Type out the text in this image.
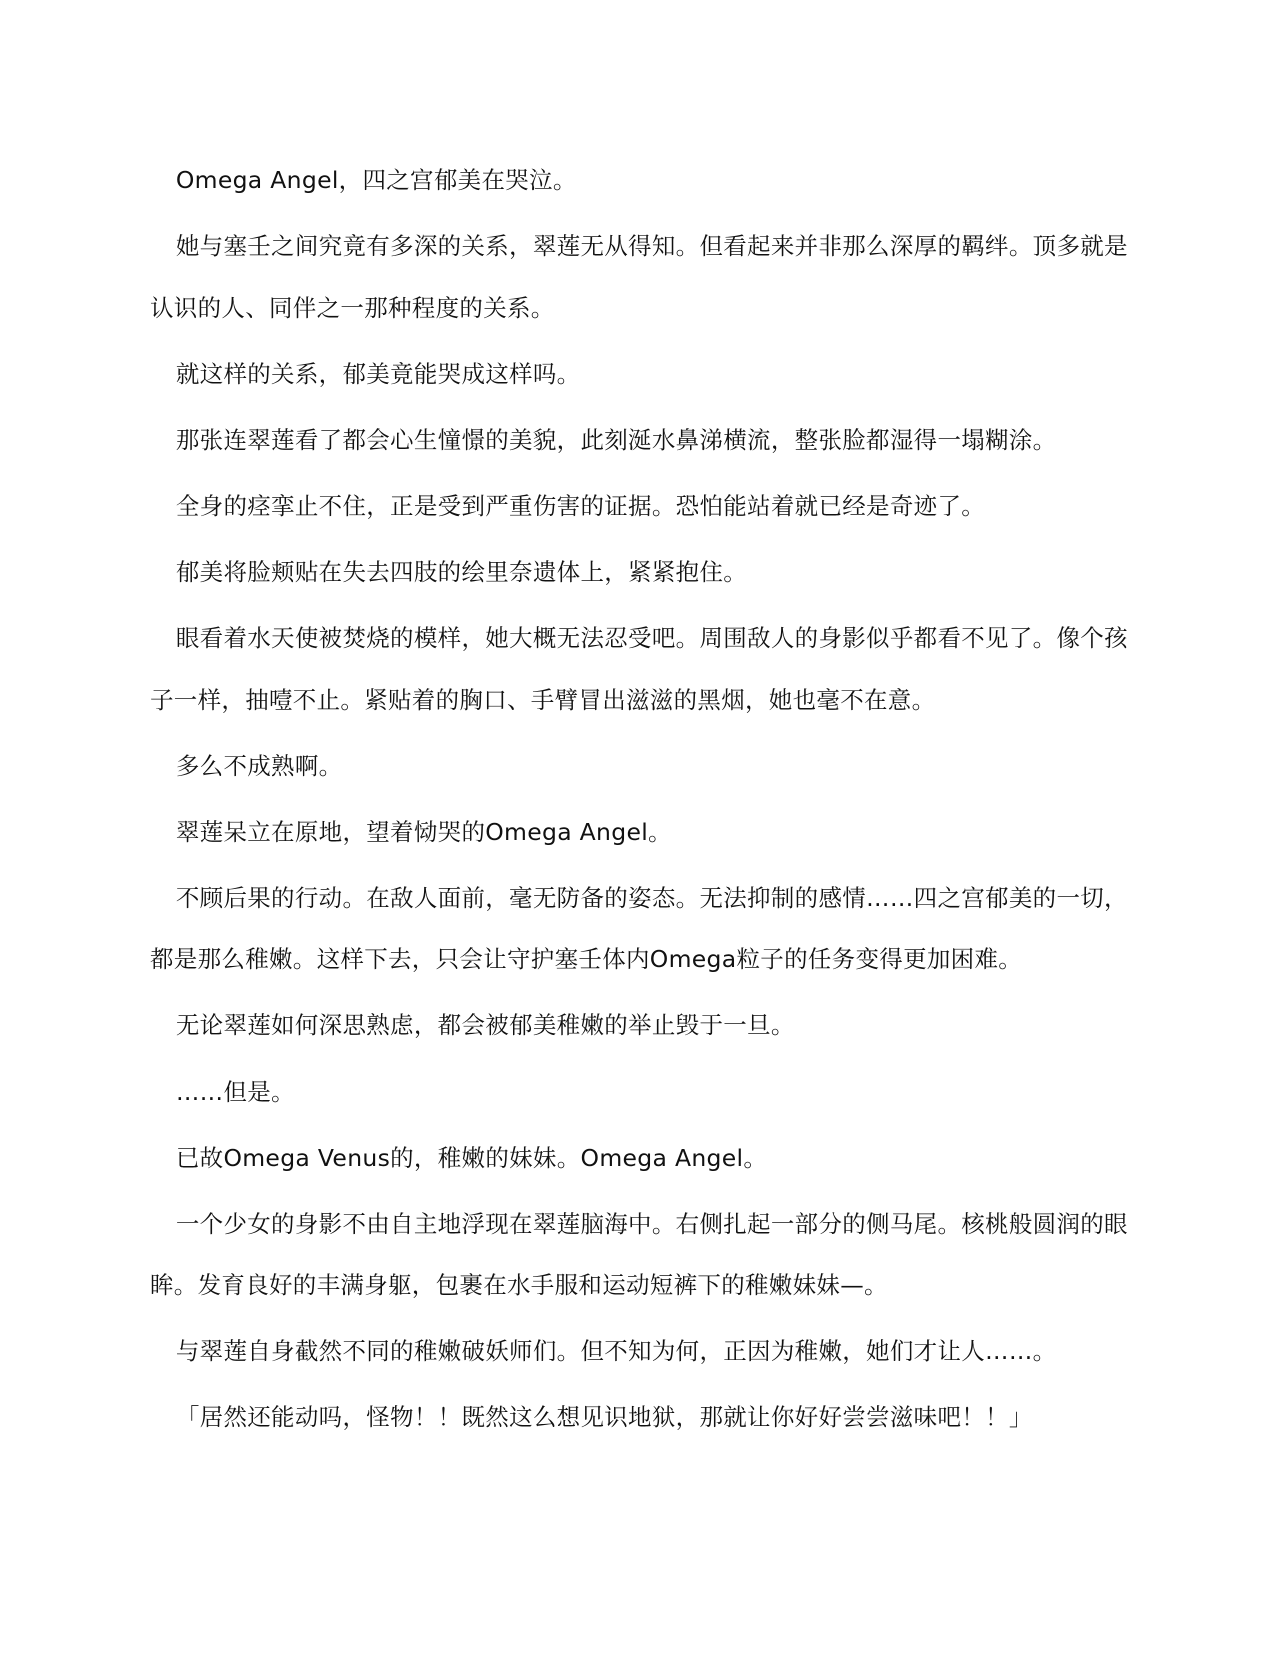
Omega Angel，四之宫郁美在哭泣。

她与塞壬之间究竟有多深的关系，翠莲无从得知。但看起来并非那么深厚的羁绊。顶多就是认识的人、同伴之一那种程度的关系。

就这样的关系，郁美竟能哭成这样吗。

那张连翠莲看了都会心生憧憬的美貌，此刻涎水鼻涕横流，整张脸都湿得一塌糊涂。

全身的痉挛止不住，正是受到严重伤害的证据。恐怕能站着就已经是奇迹了。

郁美将脸颊贴在失去四肢的绘里奈遗体上，紧紧抱住。

眼看着水天使被焚烧的模样，她大概无法忍受吧。周围敌人的身影似乎都看不见了。像个孩子一样，抽噎不止。紧贴着的胸口、手臂冒出滋滋的黑烟，她也毫不在意。

多么不成熟啊。

翠莲呆立在原地，望着恸哭的Omega Angel。

不顾后果的行动。在敌人面前，毫无防备的姿态。无法抑制的感情……四之宫郁美的一切，都是那么稚嫩。这样下去，只会让守护塞壬体内Omega粒子的任务变得更加困难。

无论翠莲如何深思熟虑，都会被郁美稚嫩的举止毁于一旦。

……但是。

已故Omega Venus的，稚嫩的妹妹。Omega Angel。

一个少女的身影不由自主地浮现在翠莲脑海中。右侧扎起一部分的侧马尾。核桃般圆润的眼眸。发育良好的丰满身躯，包裹在水手服和运动短裤下的稚嫩妹妹—。

与翠莲自身截然不同的稚嫩破妖师们。但不知为何，正因为稚嫩，她们才让人……。

「居然还能动吗，怪物！！既然这么想见识地狱，那就让你好好尝尝滋味吧！！」
